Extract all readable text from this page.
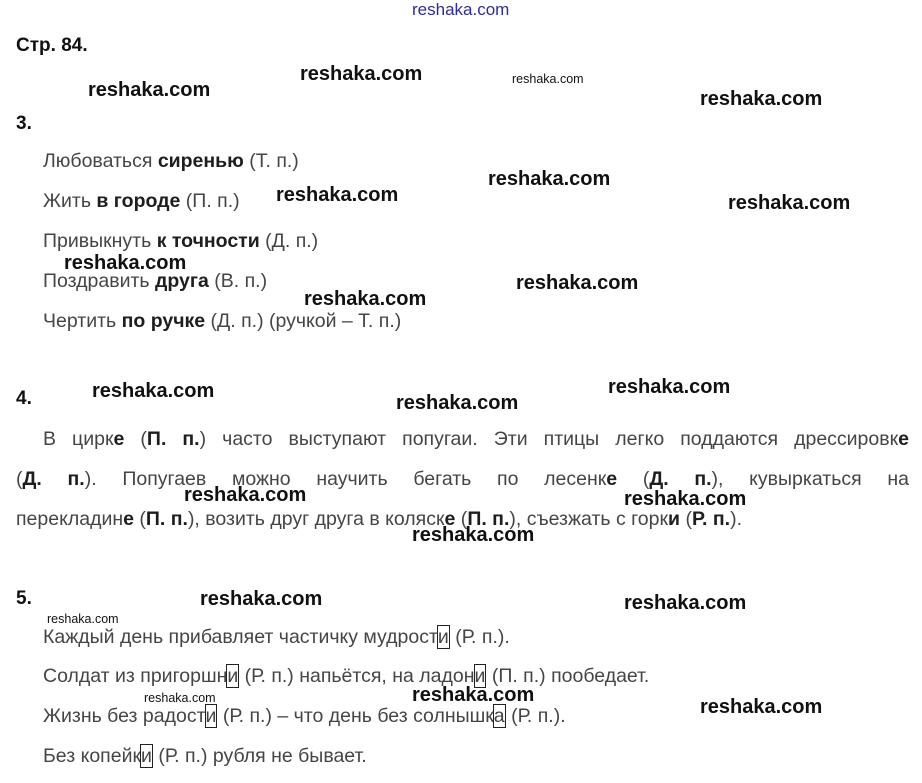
reshaka.com
Стр. 84.
3.
Любоваться сиренью (Т. п.)
Жить в городе (П. п.)
Привыкнуть к точности (Д. п.)
Поздравить друга (В. п.)
Чертить по ручке (Д. п.) (ручкой – Т. п.)
4.
В цирке (П. п.) часто выступают попугаи. Эти птицы легко поддаются дрессировке
(Д. п.). Попугаев можно научить бегать по лесенке (Д. п.), кувыркаться на
перекладине (П. п.), возить друг друга в коляске (П. п.), съезжать с горки (Р. п.).
5.
Каждый день прибавляет частичку мудрости (Р. п.).
Солдат из пригоршни (Р. п.) напьётся, на ладони (П. п.) пообедает.
Жизнь без радости (Р. п.) – что день без солнышка (Р. п.).
Без копейки (Р. п.) рубля не бывает.
reshaka.com	reshaka.com
reshaka.com	reshaka.com
reshaka.com
reshaka.com	reshaka.com
reshaka.com
reshaka.com
reshaka.com
reshaka.com	reshaka.com
reshaka.com
reshaka.com	reshaka.com
reshaka.com
reshaka.com	reshaka.com
reshaka.com
reshaka.com	reshaka.com
reshaka.com
